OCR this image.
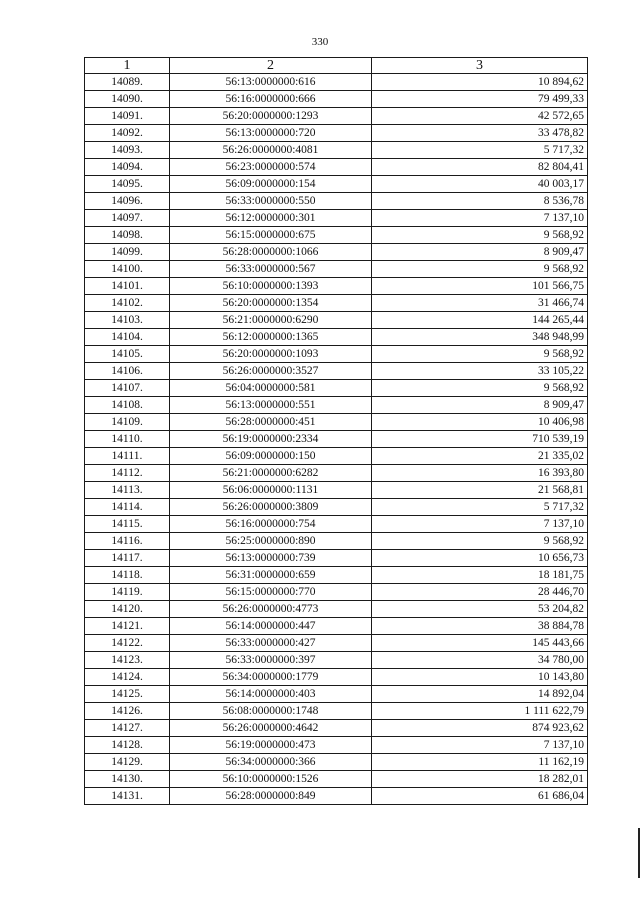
330
1	2	3
14089.	56:13:0000000:616	10 894,62
14090.	56:16:0000000:666	79 499,33
14091.	56:20:0000000:1293	42 572,65
14092.	56:13:0000000:720	33 478,82
14093.	56:26:0000000:4081	5 717,32
14094.	56:23:0000000:574	82 804,41
14095.	56:09:0000000:154	40 003,17
14096.	56:33:0000000:550	8 536,78
14097.	56:12:0000000:301	7 137,10
14098.	56:15:0000000:675	9 568,92
14099.	56:28:0000000:1066	8 909,47
14100.	56:33:0000000:567	9 568,92
14101.	56:10:0000000:1393	101 566,75
14102.	56:20:0000000:1354	31 466,74
14103.	56:21:0000000:6290	144 265,44
14104.	56:12:0000000:1365	348 948,99
14105.	56:20:0000000:1093	9 568,92
14106.	56:26:0000000:3527	33 105,22
14107.	56:04:0000000:581	9 568,92
14108.	56:13:0000000:551	8 909,47
14109.	56:28:0000000:451	10 406,98
14110.	56:19:0000000:2334	710 539,19
14111.	56:09:0000000:150	21 335,02
14112.	56:21:0000000:6282	16 393,80
14113.	56:06:0000000:1131	21 568,81
14114.	56:26:0000000:3809	5 717,32
14115.	56:16:0000000:754	7 137,10
14116.	56:25:0000000:890	9 568,92
14117.	56:13:0000000:739	10 656,73
14118.	56:31:0000000:659	18 181,75
14119.	56:15:0000000:770	28 446,70
14120.	56:26:0000000:4773	53 204,82
14121.	56:14:0000000:447	38 884,78
14122.	56:33:0000000:427	145 443,66
14123.	56:33:0000000:397	34 780,00
14124.	56:34:0000000:1779	10 143,80
14125.	56:14:0000000:403	14 892,04
14126.	56:08:0000000:1748	1 111 622,79
14127.	56:26:0000000:4642	874 923,62
14128.	56:19:0000000:473	7 137,10
14129.	56:34:0000000:366	11 162,19
14130.	56:10:0000000:1526	18 282,01
14131.	56:28:0000000:849	61 686,04
